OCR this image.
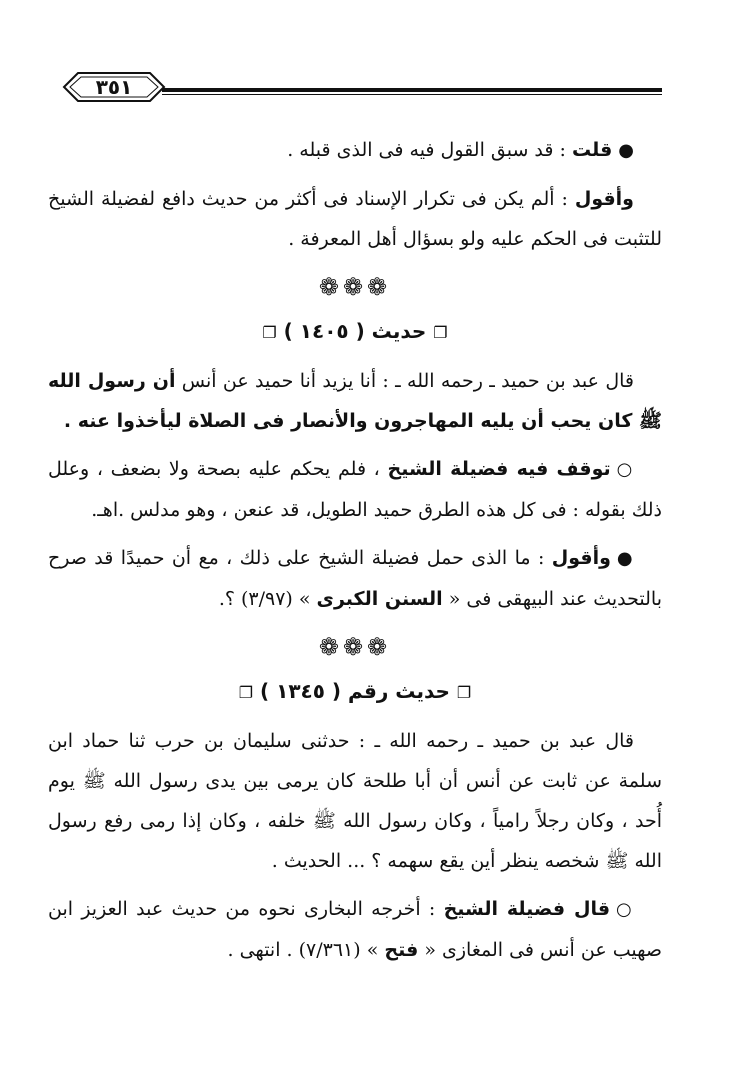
٣٥١

●قلت : قد سبق القول فيه فى الذى قبله .

وأقول : ألم يكن فى تكرار الإسناد فى أكثر من حديث دافع لفضيلة الشيخ للتثبت فى الحكم عليه ولو بسؤال أهل المعرفة .

❁❁❁
❐ حديث ( ١٤٠٥ ) ❐

قال عبد بن حميد ـ رحمه الله ـ : أنا يزيد أنا حميد عن أنس أن رسول الله ﷺ كان يحب أن يليه المهاجرون والأنصار فى الصلاة ليأخذوا عنه .

○توقف فيه فضيلة الشيخ ، فلم يحكم عليه بصحة ولا بضعف ، وعلل ذلك بقوله : فى كل هذه الطرق حميد الطويل، قد عنعن ، وهو مدلس .اهـ.

●وأقول : ما الذى حمل فضيلة الشيخ على ذلك ، مع أن حميدًا قد صرح بالتحديث عند البيهقى فى « السنن الكبرى » (٣/٩٧) ؟.

❁❁❁
❐ حديث رقم ( ١٣٤٥ ) ❐

قال عبد بن حميد ـ رحمه الله ـ : حدثنى سليمان بن حرب ثنا حماد ابن سلمة عن ثابت عن أنس أن أبا طلحة كان يرمى بين يدى رسول الله ﷺ يوم أُحد ، وكان رجلاً رامياً ، وكان رسول الله ﷺ خلفه ، وكان إذا رمى رفع رسول الله ﷺ شخصه ينظر أين يقع سهمه ؟ ... الحديث .

○قال فضيلة الشيخ : أخرجه البخارى نحوه من حديث عبد العزيز ابن صهيب عن أنس فى المغازى « فتح » (٧/٣٦١) . انتهى .
